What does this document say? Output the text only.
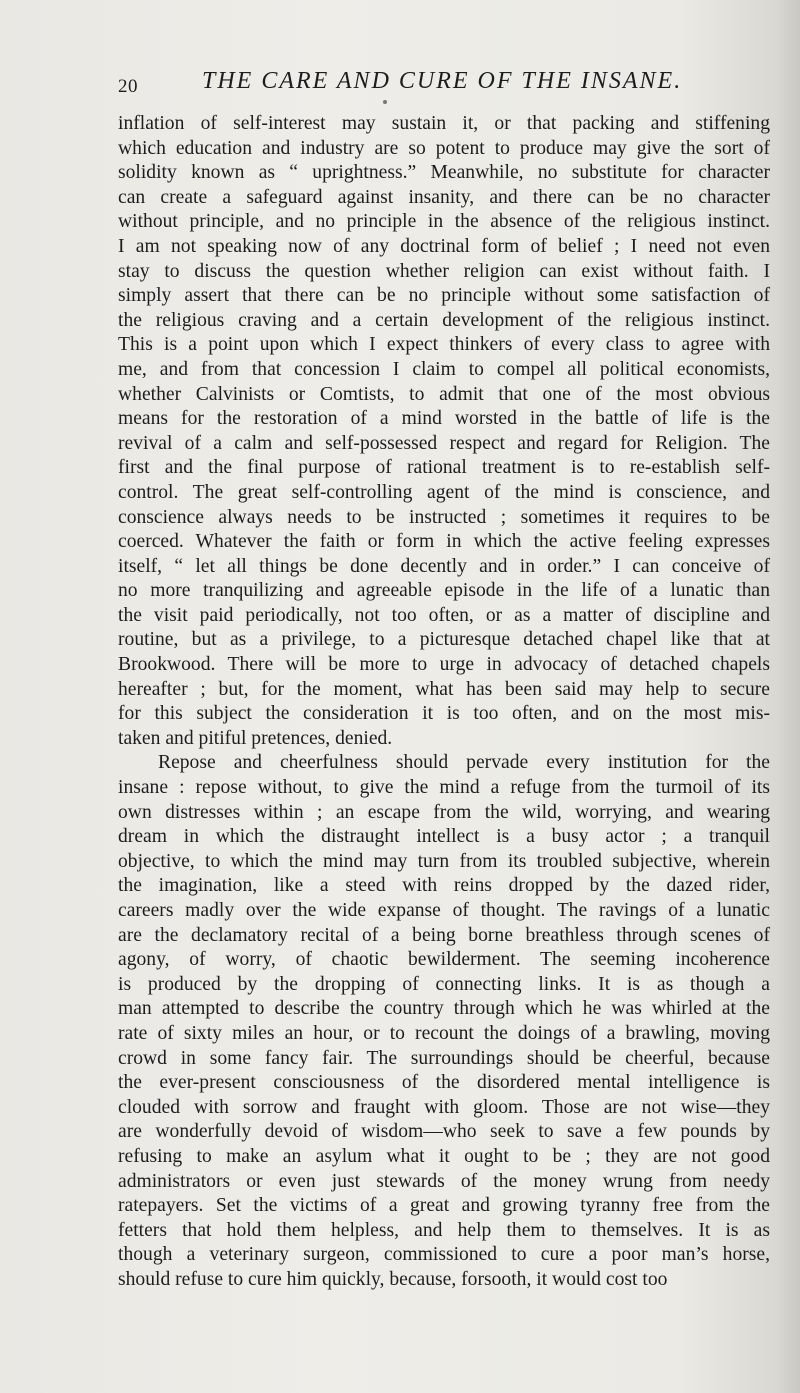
20	THE CARE AND CURE OF THE INSANE.
inflation of self-interest may sustain it, or that packing and stiffening
which education and industry are so potent to produce may give the sort of
solidity known as “ uprightness.” Meanwhile, no substitute for character
can create a safeguard against insanity, and there can be no character
without principle, and no principle in the absence of the religious instinct.
I am not speaking now of any doctrinal form of belief ; I need not even
stay to discuss the question whether religion can exist without faith. I
simply assert that there can be no principle without some satisfaction of
the religious craving and a certain development of the religious instinct.
This is a point upon which I expect thinkers of every class to agree with
me, and from that concession I claim to compel all political economists,
whether Calvinists or Comtists, to admit that one of the most obvious
means for the restoration of a mind worsted in the battle of life is the
revival of a calm and self-possessed respect and regard for Religion. The
first and the final purpose of rational treatment is to re-establish self-
control. The great self-controlling agent of the mind is conscience, and
conscience always needs to be instructed ; sometimes it requires to be
coerced. Whatever the faith or form in which the active feeling expresses
itself, “ let all things be done decently and in order.” I can conceive of
no more tranquilizing and agreeable episode in the life of a lunatic than
the visit paid periodically, not too often, or as a matter of discipline and
routine, but as a privilege, to a picturesque detached chapel like that at
Brookwood. There will be more to urge in advocacy of detached chapels
hereafter ; but, for the moment, what has been said may help to secure
for this subject the consideration it is too often, and on the most mis-
taken and pitiful pretences, denied.
Repose and cheerfulness should pervade every institution for the
insane : repose without, to give the mind a refuge from the turmoil of its
own distresses within ; an escape from the wild, worrying, and wearing
dream in which the distraught intellect is a busy actor ; a tranquil
objective, to which the mind may turn from its troubled subjective, wherein
the imagination, like a steed with reins dropped by the dazed rider,
careers madly over the wide expanse of thought. The ravings of a lunatic
are the declamatory recital of a being borne breathless through scenes of
agony, of worry, of chaotic bewilderment. The seeming incoherence
is produced by the dropping of connecting links. It is as though a
man attempted to describe the country through which he was whirled at the
rate of sixty miles an hour, or to recount the doings of a brawling, moving
crowd in some fancy fair. The surroundings should be cheerful, because
the ever-present consciousness of the disordered mental intelligence is
clouded with sorrow and fraught with gloom. Those are not wise—they
are wonderfully devoid of wisdom—who seek to save a few pounds by
refusing to make an asylum what it ought to be ; they are not good
administrators or even just stewards of the money wrung from needy
ratepayers. Set the victims of a great and growing tyranny free from the
fetters that hold them helpless, and help them to themselves. It is as
though a veterinary surgeon, commissioned to cure a poor man’s horse,
should refuse to cure him quickly, because, forsooth, it would cost too
